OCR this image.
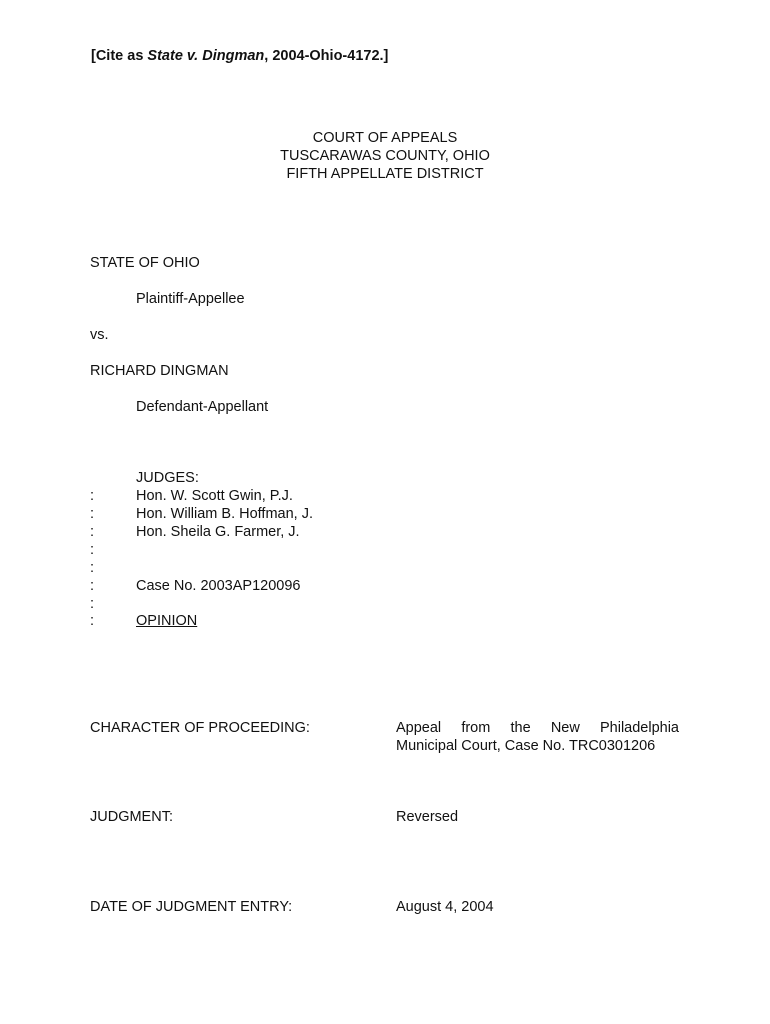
[Cite as State v. Dingman, 2004-Ohio-4172.]
COURT OF APPEALS
TUSCARAWAS COUNTY, OHIO
FIFTH APPELLATE DISTRICT
STATE OF OHIO
Plaintiff-Appellee
vs.
RICHARD DINGMAN
Defendant-Appellant
JUDGES:
Hon. W. Scott Gwin, P.J.
Hon. William B. Hoffman, J.
Hon. Sheila G. Farmer, J.
:
:
:
:
:
:
:
:
Case No. 2003AP120096
OPINION
CHARACTER OF PROCEEDING:	Appeal from the New Philadelphia
Municipal Court, Case No. TRC0301206
JUDGMENT:	Reversed
DATE OF JUDGMENT ENTRY:	August 4, 2004
